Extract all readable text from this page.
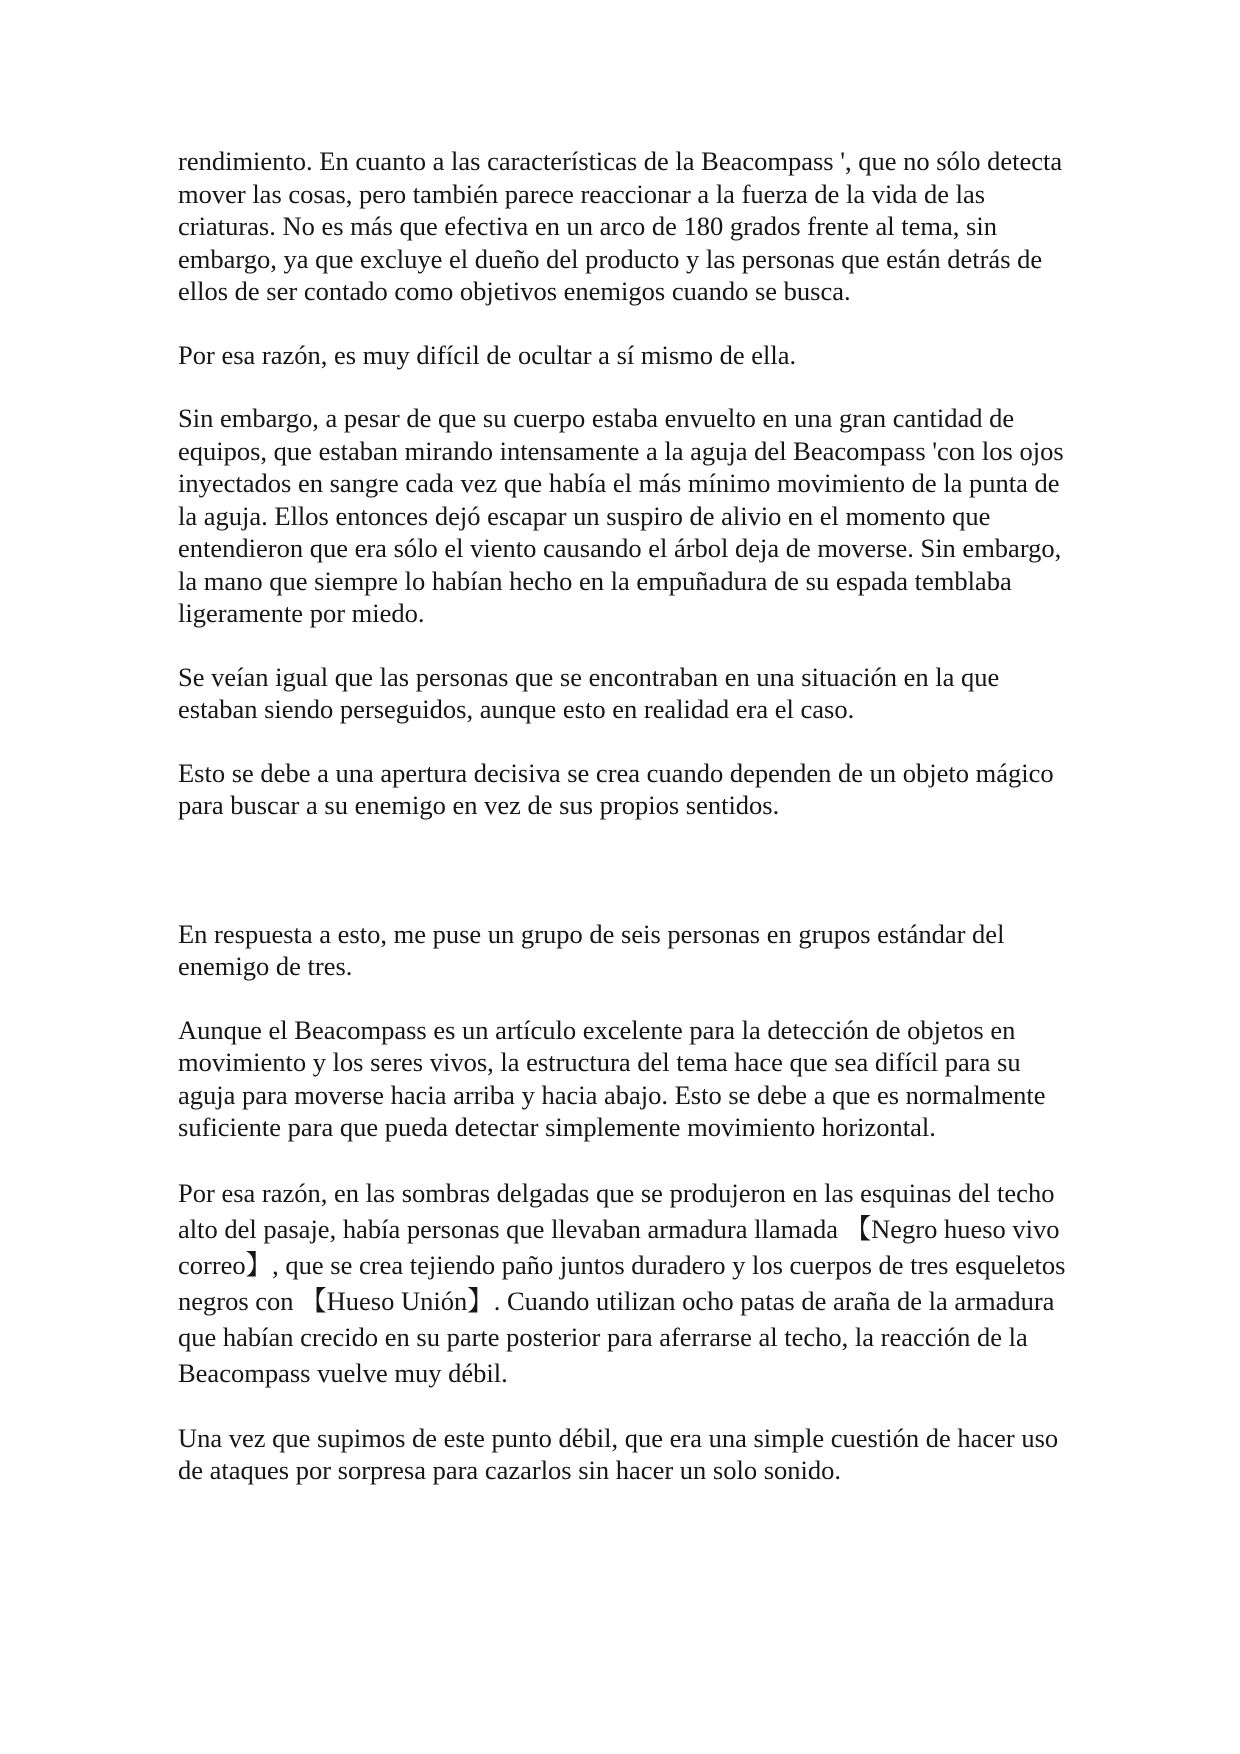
rendimiento. En cuanto a las características de la Beacompass ', que no sólo detecta mover las cosas, pero también parece reaccionar a la fuerza de la vida de las criaturas. No es más que efectiva en un arco de 180 grados frente al tema, sin embargo, ya que excluye el dueño del producto y las personas que están detrás de ellos de ser contado como objetivos enemigos cuando se busca.

Por esa razón, es muy difícil de ocultar a sí mismo de ella.

Sin embargo, a pesar de que su cuerpo estaba envuelto en una gran cantidad de equipos, que estaban mirando intensamente a la aguja del Beacompass 'con los ojos inyectados en sangre cada vez que había el más mínimo movimiento de la punta de la aguja. Ellos entonces dejó escapar un suspiro de alivio en el momento que entendieron que era sólo el viento causando el árbol deja de moverse. Sin embargo, la mano que siempre lo habían hecho en la empuñadura de su espada temblaba ligeramente por miedo.

Se veían igual que las personas que se encontraban en una situación en la que estaban siendo perseguidos, aunque esto en realidad era el caso.

Esto se debe a una apertura decisiva se crea cuando dependen de un objeto mágico para buscar a su enemigo en vez de sus propios sentidos.

En respuesta a esto, me puse un grupo de seis personas en grupos estándar del enemigo de tres.

Aunque el Beacompass es un artículo excelente para la detección de objetos en movimiento y los seres vivos, la estructura del tema hace que sea difícil para su aguja para moverse hacia arriba y hacia abajo. Esto se debe a que es normalmente suficiente para que pueda detectar simplemente movimiento horizontal.

Por esa razón, en las sombras delgadas que se produjeron en las esquinas del techo alto del pasaje, había personas que llevaban armadura llamada 【Negro hueso vivo correo】, que se crea tejiendo paño juntos duradero y los cuerpos de tres esqueletos negros con 【Hueso Unión】. Cuando utilizan ocho patas de araña de la armadura que habían crecido en su parte posterior para aferrarse al techo, la reacción de la Beacompass vuelve muy débil.

Una vez que supimos de este punto débil, que era una simple cuestión de hacer uso de ataques por sorpresa para cazarlos sin hacer un solo sonido.
